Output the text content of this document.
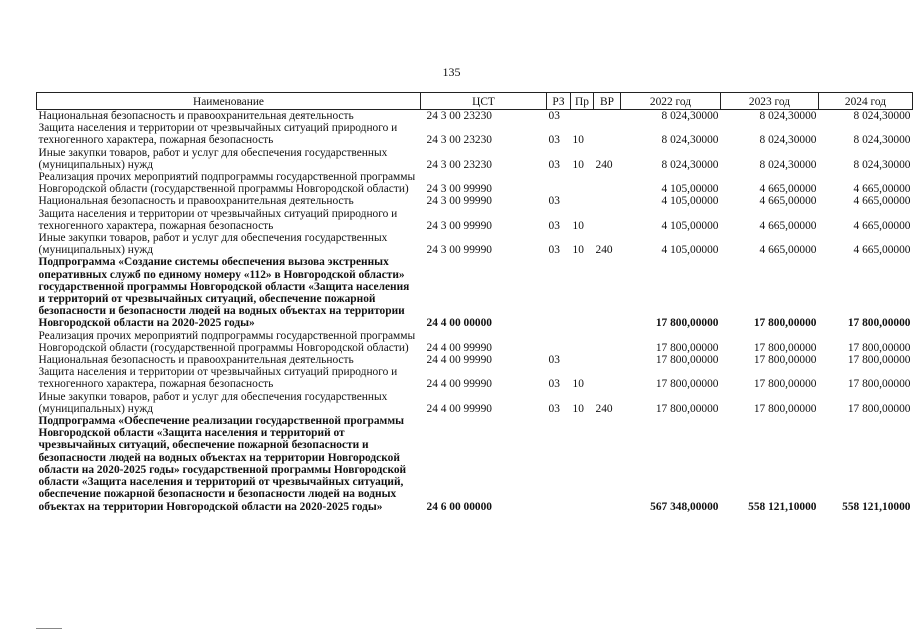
135
Наименование	ЦСТ	РЗ	Пр	ВР	2022 год	2023 год	2024 год
Национальная безопасность и правоохранительная деятельность	24 3 00 23230	03			8 024,30000	8 024,30000	8 024,30000
Защита населения и территории от чрезвычайных ситуаций природного и техногенного характера, пожарная безопасность	24 3 00 23230	03	10		8 024,30000	8 024,30000	8 024,30000
Иные закупки товаров, работ и услуг для обеспечения государственных (муниципальных) нужд	24 3 00 23230	03	10	240	8 024,30000	8 024,30000	8 024,30000
Реализация прочих мероприятий подпрограммы государственной программы Новгородской области (государственной программы Новгородской области)	24 3 00 99990				4 105,00000	4 665,00000	4 665,00000
Национальная безопасность и правоохранительная деятельность	24 3 00 99990	03			4 105,00000	4 665,00000	4 665,00000
Защита населения и территории от чрезвычайных ситуаций природного и техногенного характера, пожарная безопасность	24 3 00 99990	03	10		4 105,00000	4 665,00000	4 665,00000
Иные закупки товаров, работ и услуг для обеспечения государственных (муниципальных) нужд	24 3 00 99990	03	10	240	4 105,00000	4 665,00000	4 665,00000
Подпрограмма «Создание системы обеспечения вызова экстренных оперативных служб по единому номеру «112» в Новгородской области» государственной программы Новгородской области «Защита населения и территорий от чрезвычайных ситуаций, обеспечение пожарной безопасности и безопасности людей на водных объектах на территории Новгородской области на 2020-2025 годы»	24 4 00 00000				17 800,00000	17 800,00000	17 800,00000
Реализация прочих мероприятий подпрограммы государственной программы Новгородской области (государственной программы Новгородской области)	24 4 00 99990				17 800,00000	17 800,00000	17 800,00000
Национальная безопасность и правоохранительная деятельность	24 4 00 99990	03			17 800,00000	17 800,00000	17 800,00000
Защита населения и территории от чрезвычайных ситуаций природного и техногенного характера, пожарная безопасность	24 4 00 99990	03	10		17 800,00000	17 800,00000	17 800,00000
Иные закупки товаров, работ и услуг для обеспечения государственных (муниципальных) нужд	24 4 00 99990	03	10	240	17 800,00000	17 800,00000	17 800,00000
Подпрограмма «Обеспечение реализации государственной программы Новгородской области «Защита населения и территорий от чрезвычайных ситуаций, обеспечение пожарной безопасности и безопасности людей на водных объектах на территории Новгородской области на 2020-2025 годы» государственной программы Новгородской области «Защита населения и территорий от чрезвычайных ситуаций, обеспечение пожарной безопасности и безопасности людей на водных объектах на территории Новгородской области на 2020-2025 годы»	24 6 00 00000				567 348,00000	558 121,10000	558 121,10000
